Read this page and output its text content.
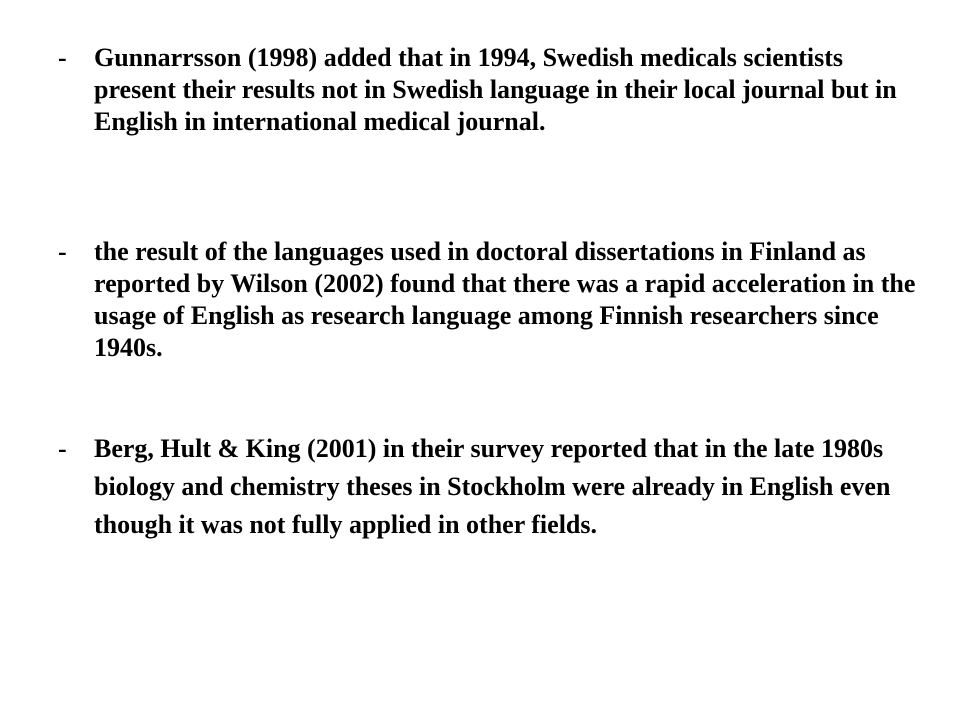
-	Gunnarrsson (1998) added that in 1994, Swedish medicals scientists present their results not in Swedish language in their local journal but in English in international medical journal.
-	the result of the languages used in doctoral dissertations in Finland as reported by Wilson (2002) found that there was a rapid acceleration in the usage of English as research language among Finnish researchers since 1940s.
-	Berg, Hult & King (2001) in their survey reported that in the late 1980s biology and chemistry theses in Stockholm were already in English even though it was not fully applied in other fields.
